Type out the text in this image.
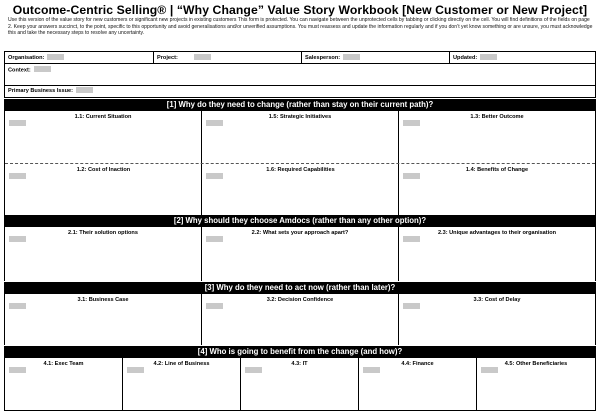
Outcome-Centric Selling® | “Why Change” Value Story Workbook [New Customer or New Project]
Use this version of the value story for new customers or significant new projects in existing customers This form is protected. You can navigate between the unprotected cells by tabbing or clicking directly on the cell. You will find definitions of the fields on page 2. Keep your answers succinct, to the point, specific to this opportunity and avoid generalisations and/or unverified assumptions. You must reassess and update the information regularly and if you don’t yet know something or are unsure, you must acknowledge this and take the necessary steps to resolve any uncertainty.
Organisation:	Project:	Salesperson:	Updated:
Context:
Primary Business Issue:
[1] Why do they need to change (rather than stay on their current path)?
1.1: Current Situation	1.5: Strategic Initiatives	1.3: Better Outcome
1.2: Cost of Inaction	1.6: Required Capabilities	1.4: Benefits of Change
[2] Why should they choose Amdocs (rather than any other option)?
2.1: Their solution options	2.2: What sets your approach apart?	2.3: Unique advantages to their organisation
[3] Why do they need to act now (rather than later)?
3.1: Business Case	3.2: Decision Confidence	3.3: Cost of Delay
[4] Who is going to benefit from the change (and how)?
4.1: Exec Team	4.2: Line of Business	4.3: IT	4.4: Finance	4.5: Other Beneficiaries
